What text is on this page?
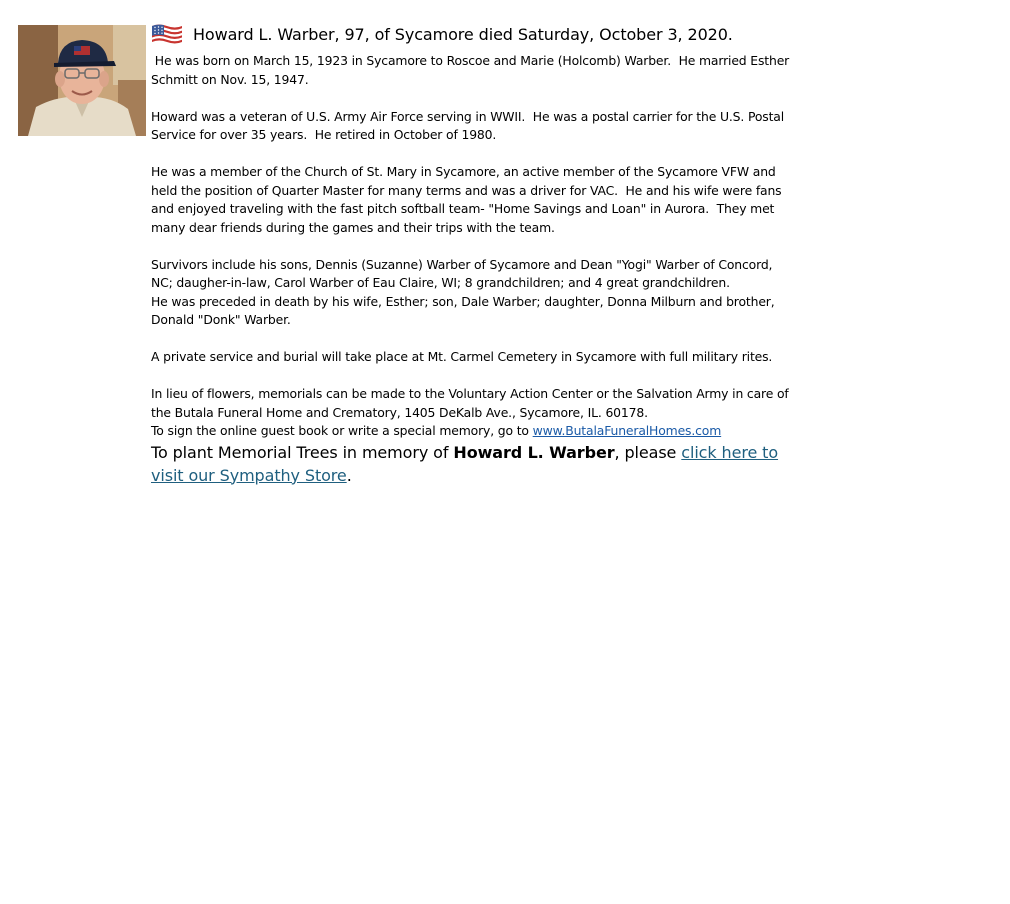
Howard L. Warber, 97, of Sycamore died Saturday, October 3, 2020.

He was born on March 15, 1923 in Sycamore to Roscoe and Marie (Holcomb) Warber.  He married Esther Schmitt on Nov. 15, 1947.

Howard was a veteran of U.S. Army Air Force serving in WWII.  He was a postal carrier for the U.S. Postal Service for over 35 years.  He retired in October of 1980.

He was a member of the Church of St. Mary in Sycamore, an active member of the Sycamore VFW and held the position of Quarter Master for many terms and was a driver for VAC.  He and his wife were fans and enjoyed traveling with the fast pitch softball team- "Home Savings and Loan" in Aurora.  They met many dear friends during the games and their trips with the team.

Survivors include his sons, Dennis (Suzanne) Warber of Sycamore and Dean "Yogi" Warber of Concord, NC; daugher-in-law, Carol Warber of Eau Claire, WI; 8 grandchildren; and 4 great grandchildren.

He was preceded in death by his wife, Esther; son, Dale Warber; daughter, Donna Milburn and brother, Donald "Donk" Warber.

A private service and burial will take place at Mt. Carmel Cemetery in Sycamore with full military rites.

In lieu of flowers, memorials can be made to the Voluntary Action Center or the Salvation Army in care of the Butala Funeral Home and Crematory, 1405 DeKalb Ave., Sycamore, IL. 60178.

To sign the online guest book or write a special memory, go to www.ButalaFuneralHomes.com

To plant Memorial Trees in memory of Howard L. Warber, please click here to visit our Sympathy Store.
